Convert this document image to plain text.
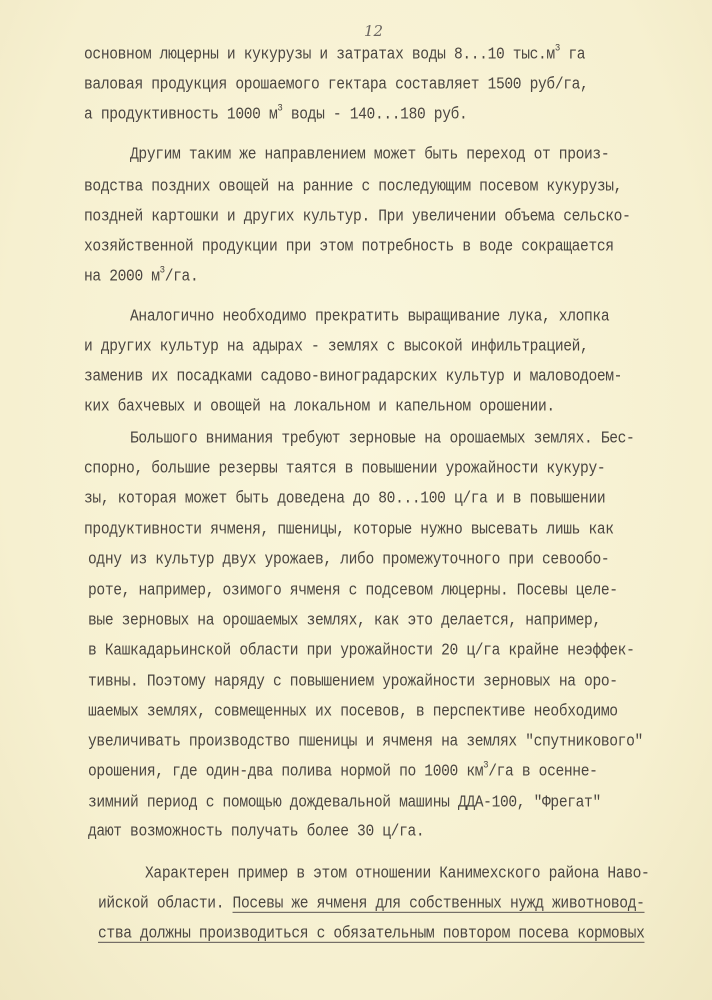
12
основном люцерны и кукурузы и затратах воды 8...10 $тыс.м^3$ га
валовая продукция орошаемого гектара составляет 1500 руб/га,
а продуктивность 1000 $м^3$ воды - 140...180 руб.
Другим таким же направлением может быть переход от произ-
водства поздних овощей на ранние с последующим посевом кукурузы,
поздней картошки и других культур. При увеличении объема сельско-
хозяйственной продукции при этом потребность в воде сокращается
на 2000 $м^3/га$.
Аналогично необходимо прекратить выращивание лука, хлопка
и других культур на адырах - землях с высокой инфильтрацией,
заменив их посадками садово-виноградарских культур и маловодоем-
ких бахчевых и овощей на локальном и капельном орошении.
Большого внимания требуют зерновые на орошаемых землях. Бес-
спорно, большие резервы таятся в повышении урожайности кукуру-
зы, которая может быть доведена до 80...100 ц/га и в повышении
продуктивности ячменя, пшеницы, которые нужно высевать лишь как
одну из культур двух урожаев, либо промежуточного при севообо-
роте, например, озимого ячменя с подсевом люцерны. Посевы целе-
вые зерновых на орошаемых землях, как это делается, например,
в Кашкадарьинской области при урожайности 20 ц/га крайне неэффек-
тивны. Поэтому наряду с повышением урожайности зерновых на оро-
шаемых землях, совмещенных их посевов, в перспективе необходимо
увеличивать производство пшеницы и ячменя на землях "спутникового"
орошения, где один-два полива нормой по 1000 $км^3/га$ в осенне-
зимний период с помощью дождевальной машины ДДА-100, "Фрегат"
дают возможность получать более 30 ц/га.
Характерен пример в этом отношении Канимехского района Наво-
ийской области. Посевы же ячменя для собственных нужд животновод-
ства должны производиться с обязательным повтором посева кормовых
